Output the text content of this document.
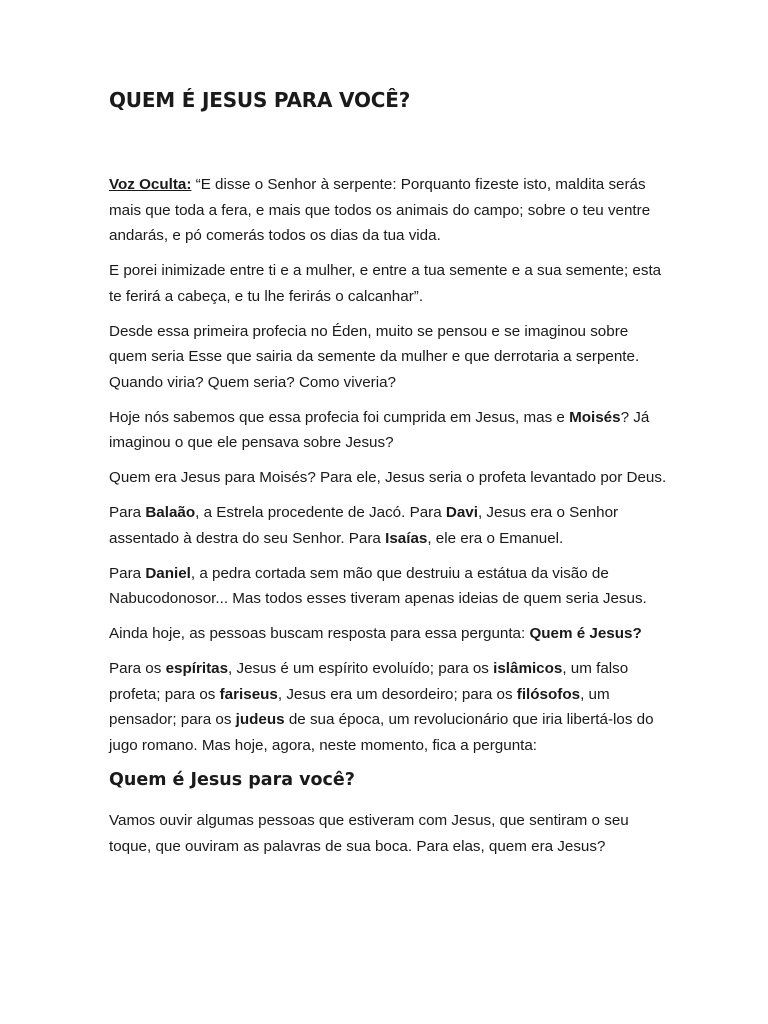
QUEM É JESUS PARA VOCÊ?

Voz Oculta: “E disse o Senhor à serpente: Porquanto fizeste isto, maldita serás mais que toda a fera, e mais que todos os animais do campo; sobre o teu ventre andarás, e pó comerás todos os dias da tua vida.

E porei inimizade entre ti e a mulher, e entre a tua semente e a sua semente; esta te ferirá a cabeça, e tu lhe ferirás o calcanhar”.

Desde essa primeira profecia no Éden, muito se pensou e se imaginou sobre quem seria Esse que sairia da semente da mulher e que derrotaria a serpente. Quando viria? Quem seria? Como viveria?

Hoje nós sabemos que essa profecia foi cumprida em Jesus, mas e Moisés? Já imaginou o que ele pensava sobre Jesus?

Quem era Jesus para Moisés? Para ele, Jesus seria o profeta levantado por Deus.

Para Balaão, a Estrela procedente de Jacó. Para Davi, Jesus era o Senhor assentado à destra do seu Senhor. Para Isaías, ele era o Emanuel.

Para Daniel, a pedra cortada sem mão que destruiu a estátua da visão de Nabucodonosor... Mas todos esses tiveram apenas ideias de quem seria Jesus.

Ainda hoje, as pessoas buscam resposta para essa pergunta: Quem é Jesus?

Para os espíritas, Jesus é um espírito evoluído; para os islâmicos, um falso profeta; para os fariseus, Jesus era um desordeiro; para os filósofos, um pensador; para os judeus de sua época, um revolucionário que iria libertá-los do jugo romano. Mas hoje, agora, neste momento, fica a pergunta:

Quem é Jesus para você?

Vamos ouvir algumas pessoas que estiveram com Jesus, que sentiram o seu toque, que ouviram as palavras de sua boca. Para elas, quem era Jesus?
